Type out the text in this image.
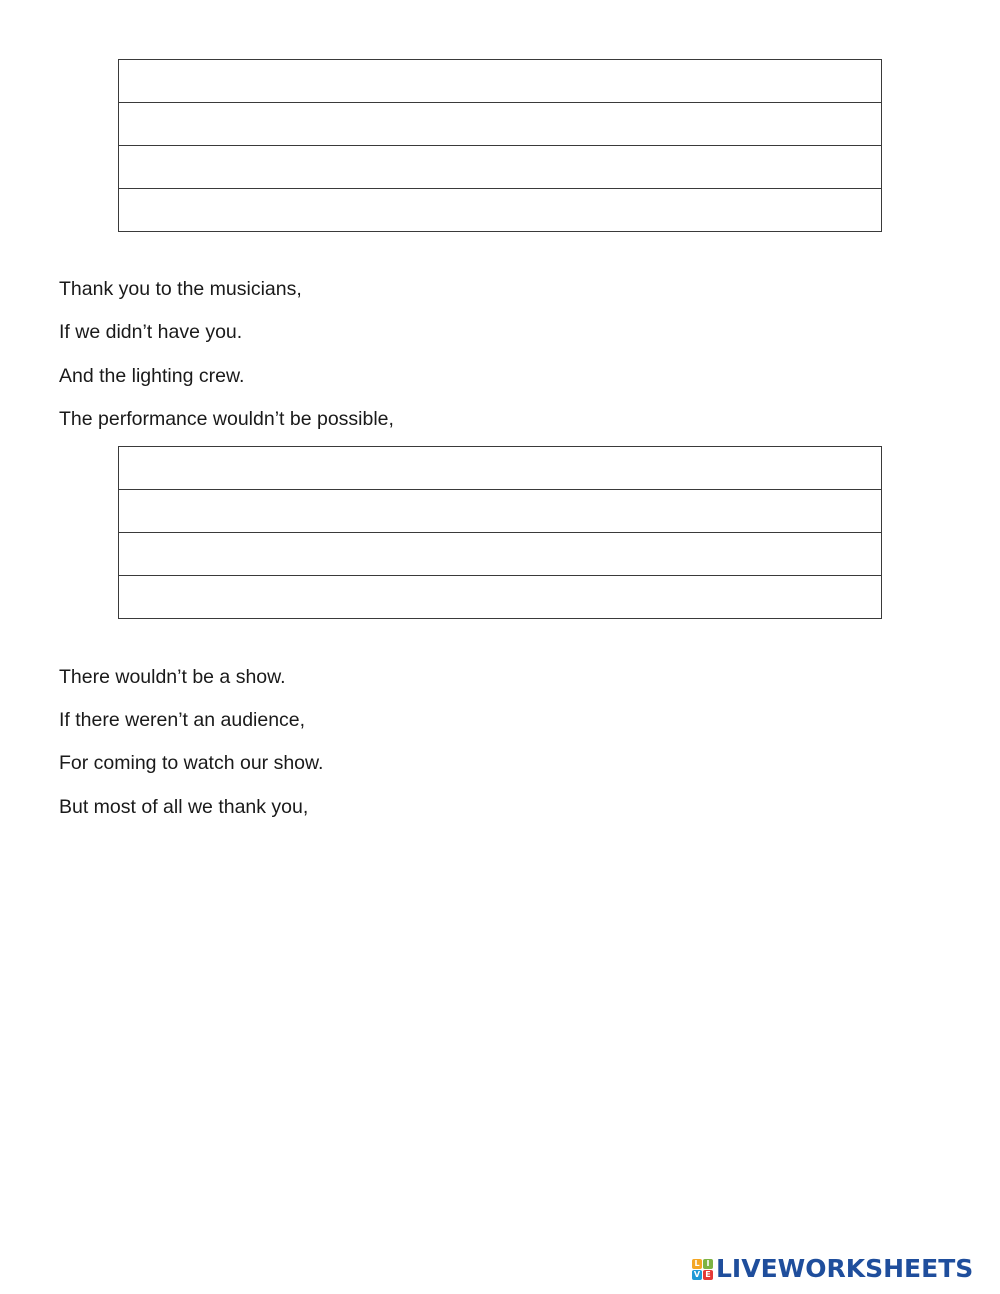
Thank you to the musicians,

If we didn’t have you.

And the lighting crew.

The performance wouldn’t be possible,

There wouldn’t be a show.

If there weren’t an audience,

For coming to watch our show.

But most of all we thank you,

L I
V E LIVEWORKSHEETS
